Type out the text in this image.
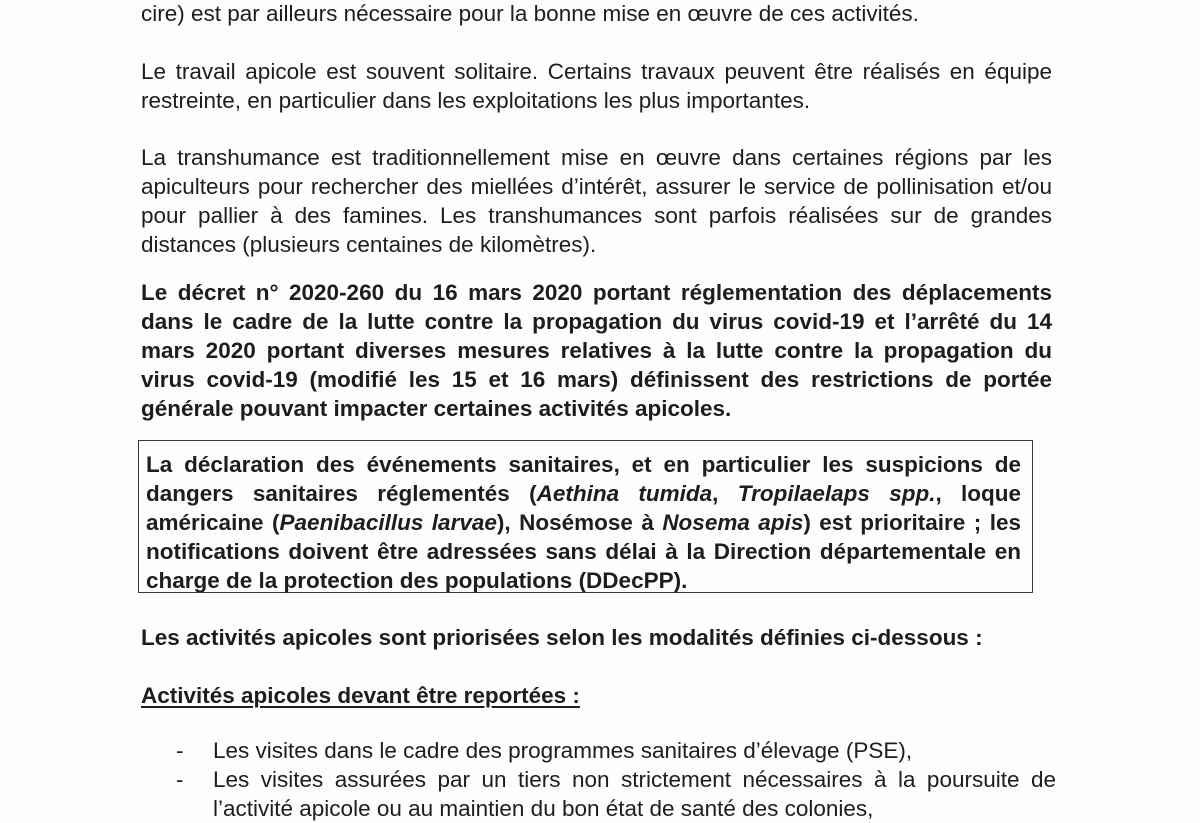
cire) est par ailleurs nécessaire pour la bonne mise en œuvre de ces activités.

Le travail apicole est souvent solitaire. Certains travaux peuvent être réalisés en équipe restreinte, en particulier dans les exploitations les plus importantes.

La transhumance est traditionnellement mise en œuvre dans certaines régions par les apiculteurs pour rechercher des miellées d’intérêt, assurer le service de pollinisation et/ou pour pallier à des famines. Les transhumances sont parfois réalisées sur de grandes distances (plusieurs centaines de kilomètres).

Le décret n° 2020-260 du 16 mars 2020 portant réglementation des déplacements dans le cadre de la lutte contre la propagation du virus covid-19 et l’arrêté du 14 mars 2020 portant diverses mesures relatives à la lutte contre la propagation du virus covid-19 (modifié les 15 et 16 mars) définissent des restrictions de portée générale pouvant impacter certaines activités apicoles.

La déclaration des événements sanitaires, et en particulier les suspicions de dangers sanitaires réglementés (Aethina tumida, Tropilaelaps spp., loque américaine (Paenibacillus larvae), Nosémose à Nosema apis) est prioritaire ; les notifications doivent être adressées sans délai à la Direction départementale en charge de la protection des populations (DDecPP).

Les activités apicoles sont priorisées selon les modalités définies ci-dessous :

Activités apicoles devant être reportées :

- Les visites dans le cadre des programmes sanitaires d’élevage (PSE),
- Les visites assurées par un tiers non strictement nécessaires à la poursuite de l’activité apicole ou au maintien du bon état de santé des colonies,
